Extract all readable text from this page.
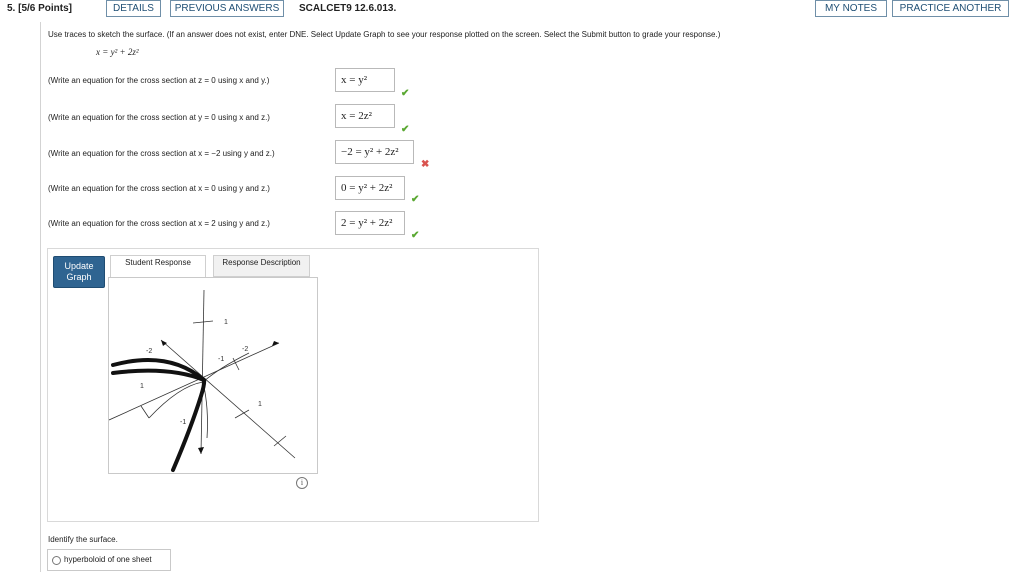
5. [5/6 Points]	DETAILS	PREVIOUS ANSWERS	SCALCET9 12.6.013.	MY NOTES	PRACTICE ANOTHER
Use traces to sketch the surface. (If an answer does not exist, enter DNE. Select Update Graph to see your response plotted on the screen. Select the Submit button to grade your response.)
x = y² + 2z²
(Write an equation for the cross section at z = 0 using x and y.)	x = y²
✔
(Write an equation for the cross section at y = 0 using x and z.)	x = 2z²
✔
(Write an equation for the cross section at x = −2 using y and z.)	−2 = y² + 2z²
✖
(Write an equation for the cross section at x = 0 using y and z.)	0 = y² + 2z²
✔
(Write an equation for the cross section at x = 2 using y and z.)	2 = y² + 2z²
✔
Update
Graph
Student Response	Response Description
1
-2	-2
-1
1
1
-1
i
Identify the surface.
hyperboloid of one sheet
